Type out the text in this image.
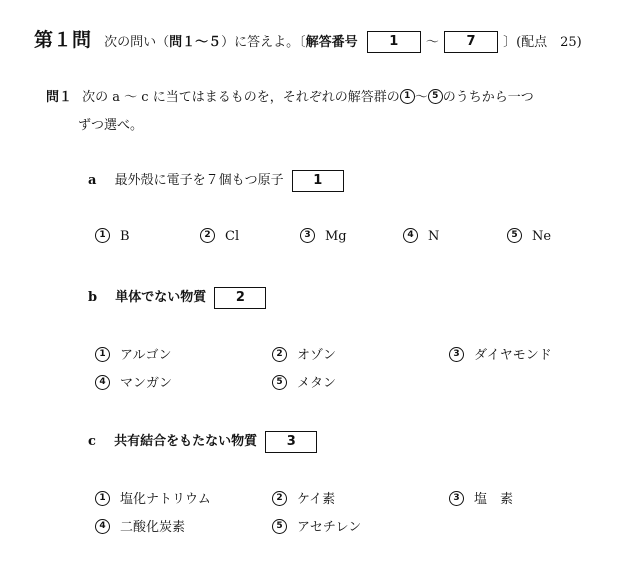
第１問 次の問い（問１～５）に答えよ。〔解答番号 1 ～ 7 〕(配点　25)
問１ 次の a ～ c に当てはまるものを，それぞれの解答群の 1 ～ 5 のうちから一つ
ずつ選べ。
a 最外殻に電子を７個もつ原子 1
1 B	2 Cl	3 Mg	4 N	5 Ne
b 単体でない物質 2
1 アルゴン	2 オゾン	3 ダイヤモンド
4 マンガン	5 メタン
c 共有結合をもたない物質 3
1 塩化ナトリウム	2 ケイ素	3 塩　素
4 二酸化炭素	5 アセチレン
